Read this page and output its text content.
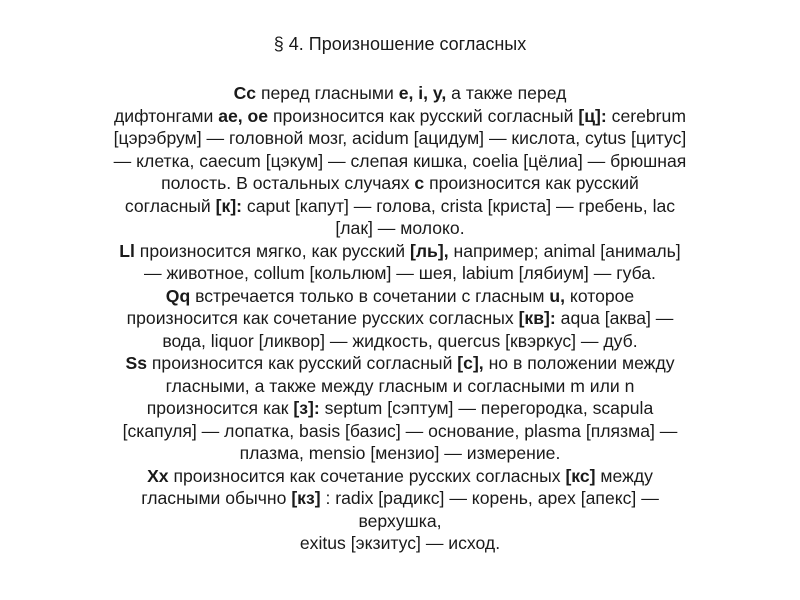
§ 4. Произношение согласных
Cc перед гласными e, i, y, а также перед
дифтонгами ae, oe произносится как русский согласный [ц]: cerebrum
[цэрэбрум] — головной мозг, acidum [ацидум] — кислота, cytus [цитус]
— клетка, caecum [цэкум] — слепая кишка, coelia [цёлиа] — брюшная
полость. В остальных случаях c произносится как русский
согласный [к]: caput [капут] — голова, crista [криста] — гребень, lac
[лак] — молоко.
Ll произносится мягко, как русский [ль], например; animal [анималь]
— животное, collum [кольлюм] — шея, labium [лябиум] — губа.
Qq встречается только в сочетании с гласным u, которое
произносится как сочетание русских согласных [кв]: aqua [аква] —
вода, liquor [ликвор] — жидкость, quercus [квэркус] — дуб.
Ss произносится как русский согласный [с], но в положении между
гласными, а также между гласным и согласными m или n
произносится как [з]: septum [сэптум] — перегородка, scapula
[скапуля] — лопатка, basis [базис] — основание, plasma [плязма] —
плазма, mensio [мензио] — измерение.
Xx произносится как сочетание русских согласных [кс] между
гласными обычно [кз] : radix [радикс] — корень, apex [апекс] —
верхушка,
exitus [экзитус] — исход.
